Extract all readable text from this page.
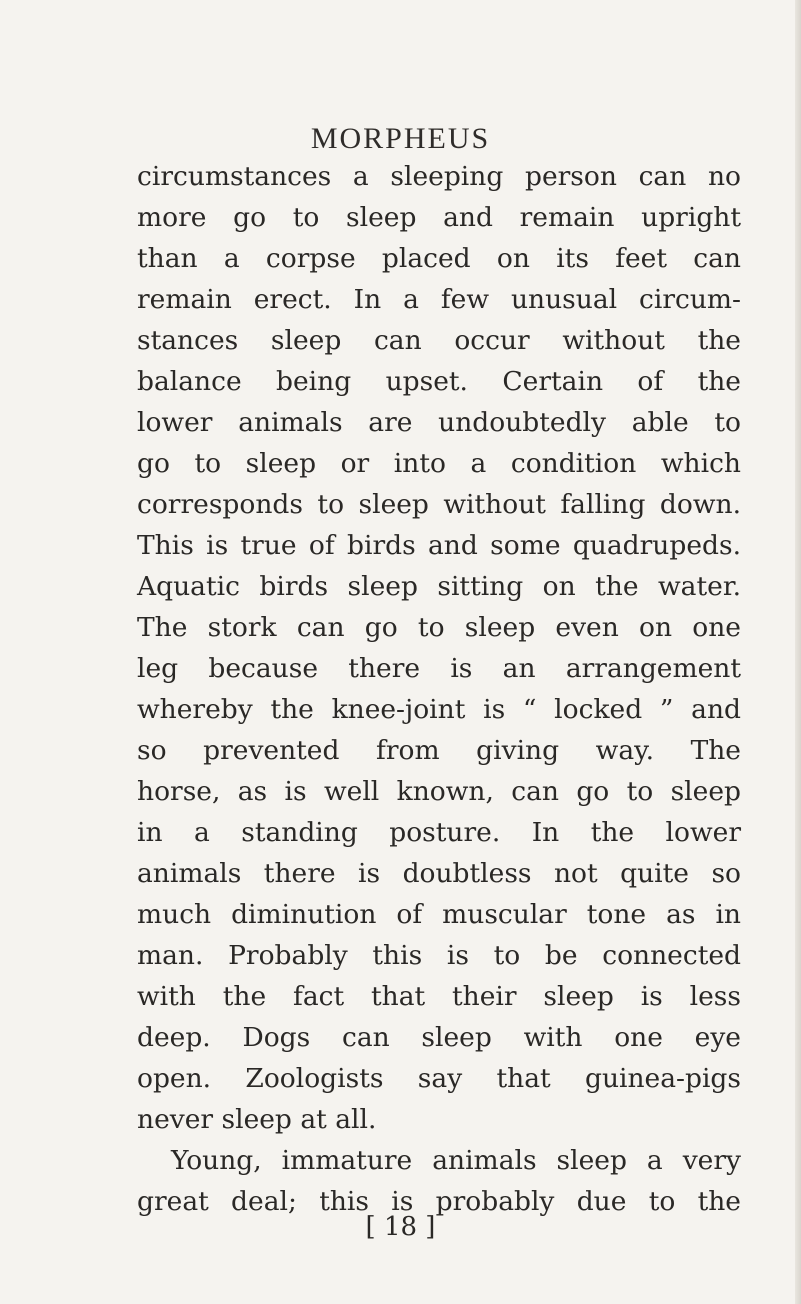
MORPHEUS
circumstances a sleeping person can no
more go to sleep and remain upright
than a corpse placed on its feet can
remain erect. In a few unusual circum-
stances sleep can occur without the
balance being upset. Certain of the
lower animals are undoubtedly able to
go to sleep or into a condition which
corresponds to sleep without falling down.
This is true of birds and some quadrupeds.
Aquatic birds sleep sitting on the water.
The stork can go to sleep even on one
leg because there is an arrangement
whereby the knee-joint is “ locked ” and
so prevented from giving way. The
horse, as is well known, can go to sleep
in a standing posture. In the lower
animals there is doubtless not quite so
much diminution of muscular tone as in
man. Probably this is to be connected
with the fact that their sleep is less
deep. Dogs can sleep with one eye
open. Zoologists say that guinea-pigs
never sleep at all.
Young, immature animals sleep a very
great deal; this is probably due to the
[ 18 ]
